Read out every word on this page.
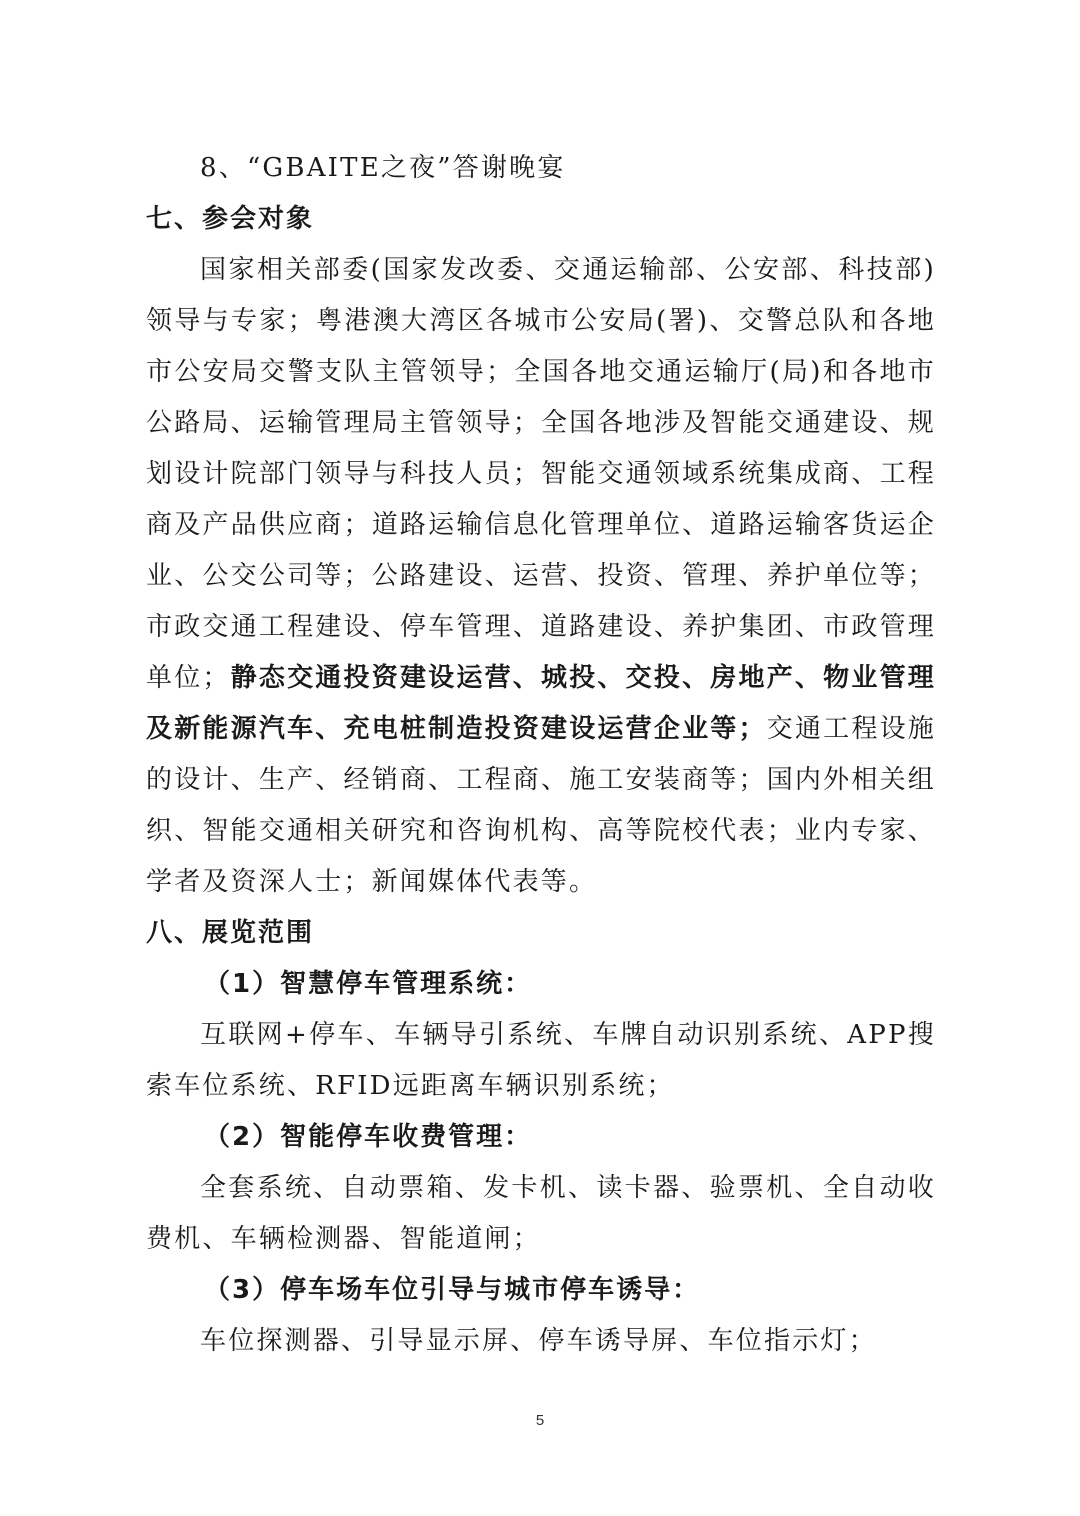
8、“GBAITE之夜”答谢晚宴
七、参会对象

国家相关部委(国家发改委、交通运输部、公安部、科技部)领导与专家；粤港澳大湾区各城市公安局(署)、交警总队和各地市公安局交警支队主管领导；全国各地交通运输厅(局)和各地市公路局、运输管理局主管领导；全国各地涉及智能交通建设、规划设计院部门领导与科技人员；智能交通领域系统集成商、工程商及产品供应商；道路运输信息化管理单位、道路运输客货运企业、公交公司等；公路建设、运营、投资、管理、养护单位等；市政交通工程建设、停车管理、道路建设、养护集团、市政管理单位；静态交通投资建设运营、城投、交投、房地产、物业管理及新能源汽车、充电桩制造投资建设运营企业等；交通工程设施的设计、生产、经销商、工程商、施工安装商等；国内外相关组织、智能交通相关研究和咨询机构、高等院校代表；业内专家、学者及资深人士；新闻媒体代表等。

八、展览范围
（1）智慧停车管理系统：

互联网+停车、车辆导引系统、车牌自动识别系统、APP搜索车位系统、RFID远距离车辆识别系统；

（2）智能停车收费管理：

全套系统、自动票箱、发卡机、读卡器、验票机、全自动收费机、车辆检测器、智能道闸；

（3）停车场车位引导与城市停车诱导：

车位探测器、引导显示屏、停车诱导屏、车位指示灯；

5
